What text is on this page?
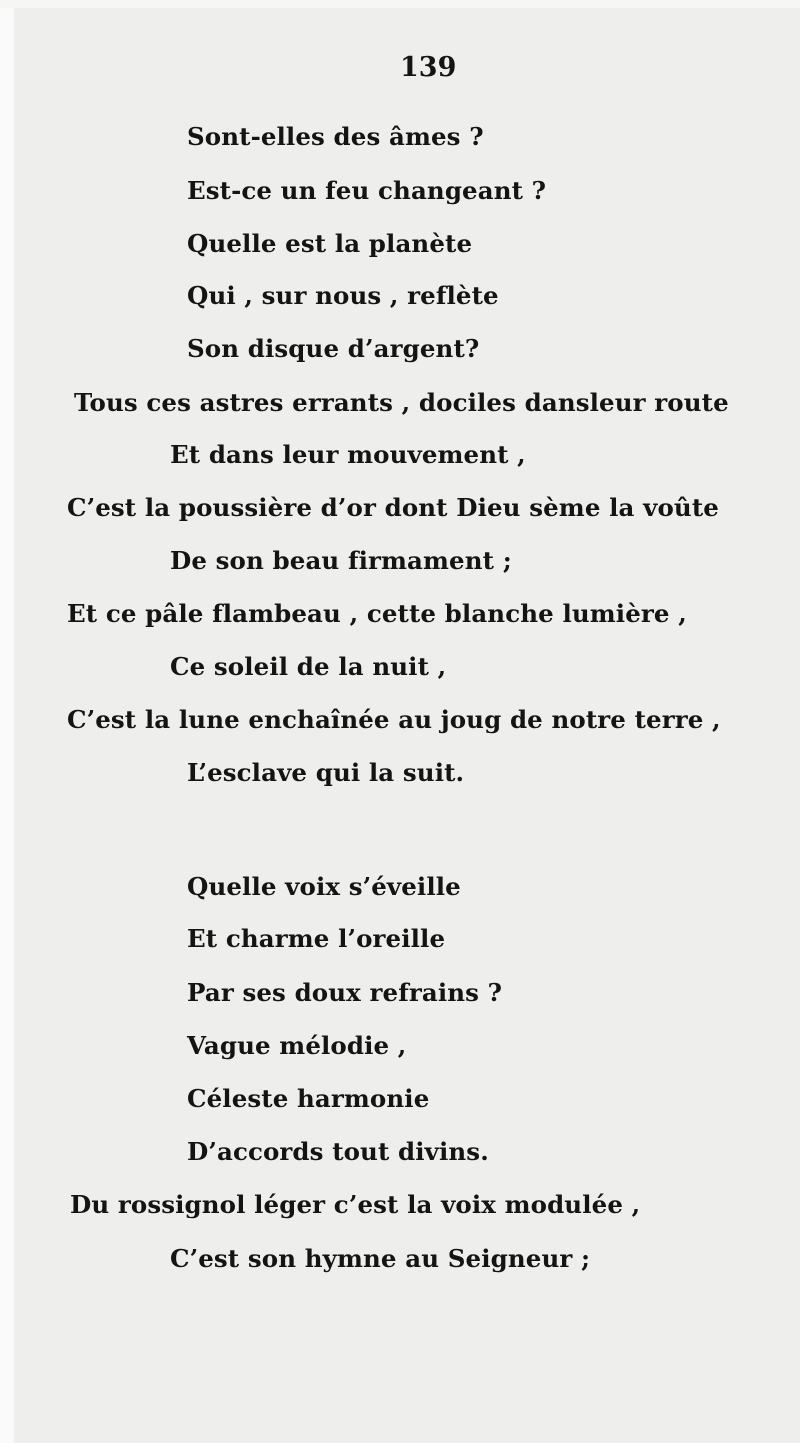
139
Sont-elles des âmes ?
Est-ce un feu changeant ?
Quelle est la planète
Qui , sur nous , reflète
Son disque d’argent?
Tous ces astres errants , dociles dansleur route
Et dans leur mouvement ,
C’est la poussière d’or dont Dieu sème la voûte
De son beau firmament ;
Et ce pâle flambeau , cette blanche lumière ,
Ce soleil de la nuit ,
C’est la lune enchaînée au joug de notre terre ,
L’esclave qui la suit.
Quelle voix s’éveille
Et charme l’oreille
Par ses doux refrains ?
Vague mélodie ,
Céleste harmonie
D’accords tout divins.
Du rossignol léger c’est la voix modulée ,
C’est son hymne au Seigneur ;
